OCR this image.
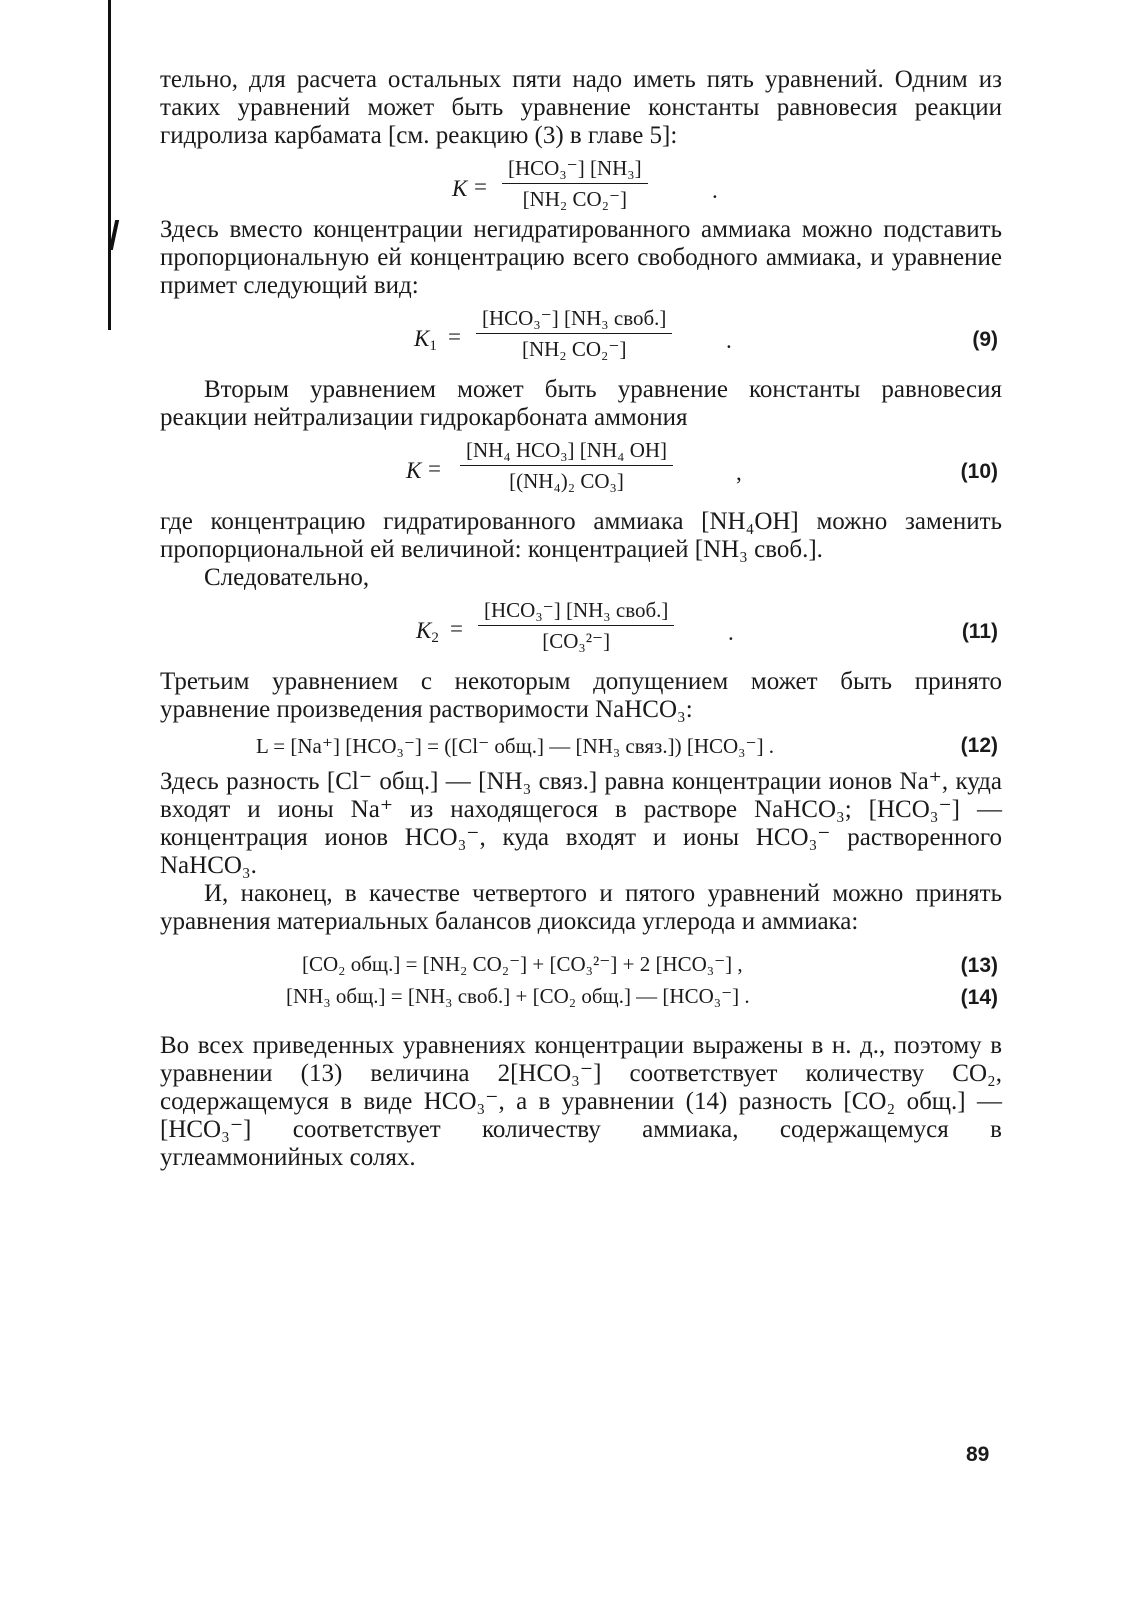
тельно, для расчета остальных пяти надо иметь пять уравнений. Одним из таких уравнений может быть уравнение константы равновесия реакции гидролиза карбамата [см. реакцию (3) в главе 5]:

K =
[HCO₃⁻] [NH₃]
[NH₂ CO₂⁻]	.

Здесь вместо концентрации негидратированного аммиака можно подставить пропорциональную ей концентрацию всего свободного аммиака, и уравнение примет следующий вид:

$K_1$ =
[HCO₃⁻] [NH₃ своб.]
[NH₂ CO₂⁻]	.	(9)

Вторым уравнением может быть уравнение константы равновесия реакции нейтрализации гидрокарбоната аммония

K =
[NH₄ HCO₃] [NH₄ OH]
[(NH₄)₂ CO₃]	,	(10)

где концентрацию гидратированного аммиака [NH₄OH] можно заменить пропорциональной ей величиной: концентрацией [NH₃ своб.].

Следовательно,

$K_2$ =
[HCO₃⁻] [NH₃ своб.]
[CO₃²⁻]	.	(11)

Третьим уравнением с некоторым допущением может быть принято уравнение произведения растворимости NaHCO₃:

L = [Na⁺] [HCO₃⁻] = ([Cl⁻ общ.] — [NH₃ связ.]) [HCO₃⁻] .	(12)

Здесь разность [Cl⁻ общ.] — [NH₃ связ.] равна концентрации ионов Na⁺, куда входят и ионы Na⁺ из находящегося в растворе NaHCO₃; [HCO₃⁻] — концентрация ионов HCO₃⁻, куда входят и ионы HCO₃⁻ растворенного NaHCO₃.

И, наконец, в качестве четвертого и пятого уравнений можно принять уравнения материальных балансов диоксида углерода и аммиака:

[CO₂ общ.] = [NH₂ CO₂⁻] + [CO₃²⁻] + 2 [HCO₃⁻] ,	(13)
[NH₃ общ.] = [NH₃ своб.] + [CO₂ общ.] — [HCO₃⁻] .	(14)

Во всех приведенных уравнениях концентрации выражены в н. д., поэтому в уравнении (13) величина 2[HCO₃⁻] соответствует количеству CO₂, содержащемуся в виде HCO₃⁻, а в уравнении (14) разность [CO₂ общ.] — [HCO₃⁻] соответствует количеству аммиака, содержащемуся в углеаммонийных солях.

89
